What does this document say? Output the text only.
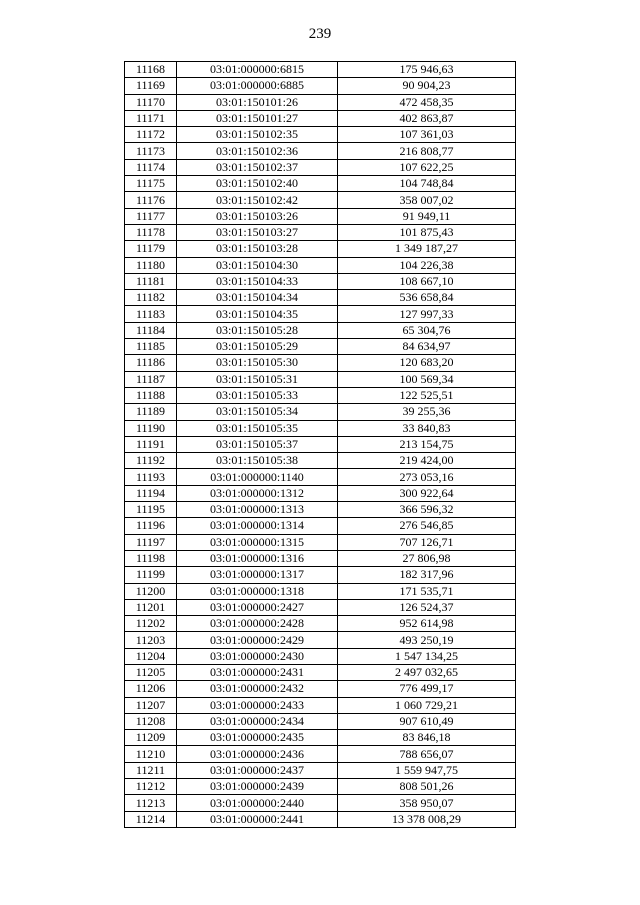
239
11168	03:01:000000:6815	175 946,63
11169	03:01:000000:6885	90 904,23
11170	03:01:150101:26	472 458,35
11171	03:01:150101:27	402 863,87
11172	03:01:150102:35	107 361,03
11173	03:01:150102:36	216 808,77
11174	03:01:150102:37	107 622,25
11175	03:01:150102:40	104 748,84
11176	03:01:150102:42	358 007,02
11177	03:01:150103:26	91 949,11
11178	03:01:150103:27	101 875,43
11179	03:01:150103:28	1 349 187,27
11180	03:01:150104:30	104 226,38
11181	03:01:150104:33	108 667,10
11182	03:01:150104:34	536 658,84
11183	03:01:150104:35	127 997,33
11184	03:01:150105:28	65 304,76
11185	03:01:150105:29	84 634,97
11186	03:01:150105:30	120 683,20
11187	03:01:150105:31	100 569,34
11188	03:01:150105:33	122 525,51
11189	03:01:150105:34	39 255,36
11190	03:01:150105:35	33 840,83
11191	03:01:150105:37	213 154,75
11192	03:01:150105:38	219 424,00
11193	03:01:000000:1140	273 053,16
11194	03:01:000000:1312	300 922,64
11195	03:01:000000:1313	366 596,32
11196	03:01:000000:1314	276 546,85
11197	03:01:000000:1315	707 126,71
11198	03:01:000000:1316	27 806,98
11199	03:01:000000:1317	182 317,96
11200	03:01:000000:1318	171 535,71
11201	03:01:000000:2427	126 524,37
11202	03:01:000000:2428	952 614,98
11203	03:01:000000:2429	493 250,19
11204	03:01:000000:2430	1 547 134,25
11205	03:01:000000:2431	2 497 032,65
11206	03:01:000000:2432	776 499,17
11207	03:01:000000:2433	1 060 729,21
11208	03:01:000000:2434	907 610,49
11209	03:01:000000:2435	83 846,18
11210	03:01:000000:2436	788 656,07
11211	03:01:000000:2437	1 559 947,75
11212	03:01:000000:2439	808 501,26
11213	03:01:000000:2440	358 950,07
11214	03:01:000000:2441	13 378 008,29
